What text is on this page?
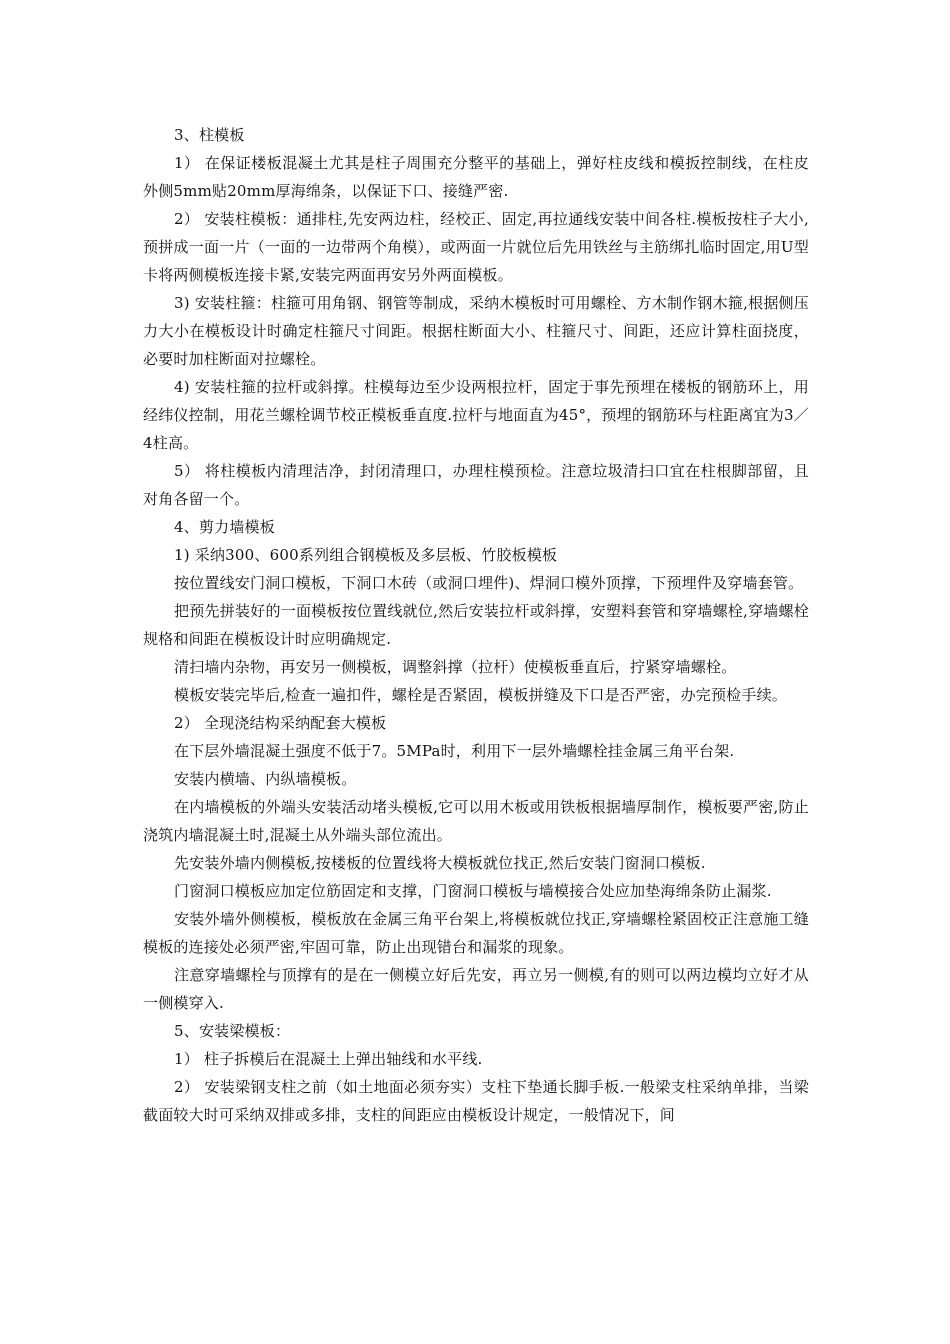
3、柱模板

1） 在保证楼板混凝土尤其是柱子周围充分整平的基础上，弹好柱皮线和模扳控制线，在柱皮外侧5mm贴20mm厚海绵条，以保证下口、接缝严密.

2） 安装柱模板：通排柱,先安两边柱，经校正、固定,再拉通线安装中间各柱.模板按柱子大小,预拼成一面一片（一面的一边带两个角模），或两面一片就位后先用铁丝与主筋绑扎临时固定,用U型卡将两侧模板连接卡紧,安装完两面再安另外两面模板。

3) 安装柱箍：柱箍可用角钢、钢管等制成，采纳木模板时可用螺栓、方木制作钢木箍,根据侧压力大小在模板设计时确定柱箍尺寸间距。根据柱断面大小、柱箍尺寸、间距，还应计算柱面挠度，必要时加柱断面对拉螺栓。

4) 安装柱箍的拉杆或斜撑。柱模每边至少设两根拉杆，固定于事先预埋在楼板的钢筋环上，用经纬仪控制，用花兰螺栓调节校正模板垂直度.拉杆与地面直为45°，预埋的钢筋环与柱距离宜为3／4柱高。

5） 将柱模板内清理洁净，封闭清理口，办理柱模预检。注意垃圾清扫口宜在柱根脚部留，且对角各留一个。

4、剪力墙模板

1) 采纳300、600系列组合钢模板及多层板、竹胶板模板

按位置线安门洞口模板，下洞口木砖（或洞口埋件)、焊洞口模外顶撑，下预埋件及穿墙套管。

把预先拼装好的一面模板按位置线就位,然后安装拉杆或斜撑，安塑料套管和穿墙螺栓,穿墙螺栓规格和间距在模板设计时应明确规定.

清扫墙内杂物，再安另一侧模板，调整斜撑（拉杆）使模板垂直后，拧紧穿墙螺栓。

模板安装完毕后,检查一遍扣件，螺栓是否紧固，模板拼缝及下口是否严密，办完预检手续。

2） 全现浇结构采纳配套大模板

在下层外墙混凝土强度不低于7。5MPa时，利用下一层外墙螺栓挂金属三角平台架.

安装内横墙、内纵墙模板。

在内墙模板的外端头安装活动堵头模板,它可以用木板或用铁板根据墙厚制作，模板要严密,防止浇筑内墙混凝土时,混凝土从外端头部位流出。

先安装外墙内侧模板,按楼板的位置线将大模板就位找正,然后安装门窗洞口模板.

门窗洞口模板应加定位筋固定和支撑，门窗洞口模板与墙模接合处应加垫海绵条防止漏浆.

安装外墙外侧模板，模板放在金属三角平台架上,将模板就位找正,穿墙螺栓紧固校正注意施工缝模板的连接处必须严密,牢固可靠，防止出现错台和漏浆的现象。

注意穿墙螺栓与顶撑有的是在一侧模立好后先安，再立另一侧模,有的则可以两边模均立好才从一侧模穿入.

5、安装梁模板：

1） 柱子拆模后在混凝土上弹出轴线和水平线.

2） 安装梁钢支柱之前（如土地面必须夯实）支柱下垫通长脚手板.一般梁支柱采纳单排，当梁截面较大时可采纳双排或多排，支柱的间距应由模板设计规定，一般情况下，间
